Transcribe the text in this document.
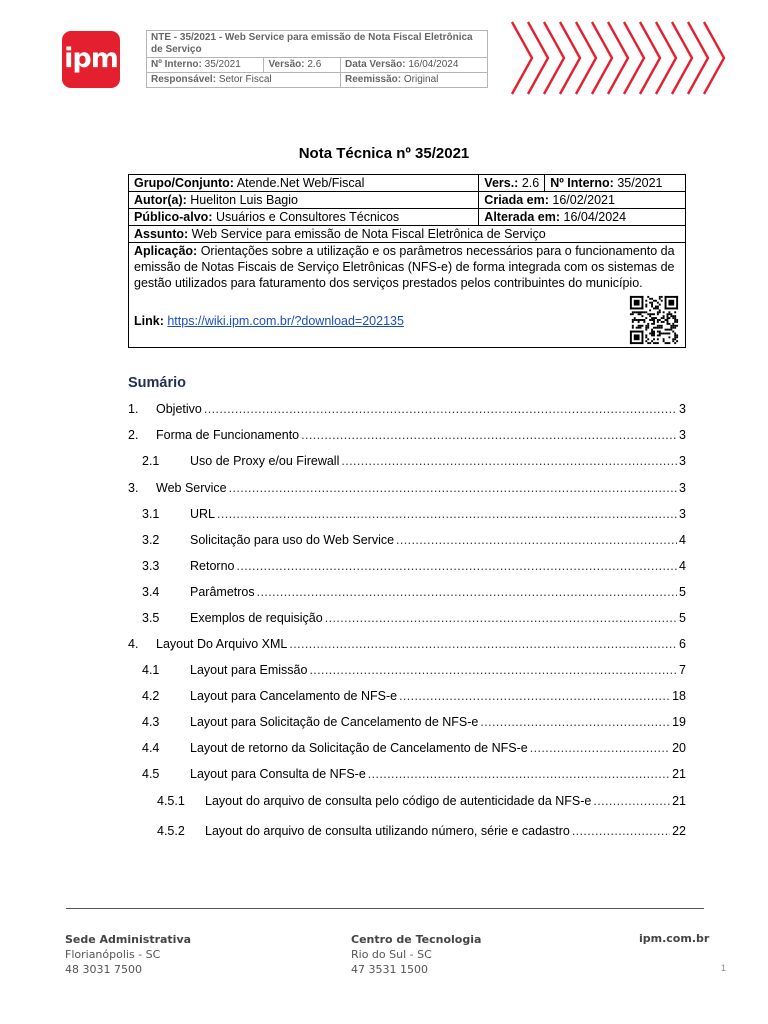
ipm
NTE - 35/2021 - Web Service para emissão de Nota Fiscal Eletrônica de Serviço		
Nº Interno: 35/2021	Versão: 2.6	Data Versão: 16/04/2024
Responsável: Setor Fiscal		Reemissão: Original
Nota Técnica nº 35/2021
Grupo/Conjunto: Atende.Net Web/Fiscal	Vers.: 2.6	Nº Interno: 35/2021
Autor(a): Hueliton Luis Bagio	Criada em: 16/02/2021	
Público-alvo: Usuários e Consultores Técnicos	Alterada em: 16/04/2024	
Assunto: Web Service para emissão de Nota Fiscal Eletrônica de Serviço		
Aplicação: Orientações sobre a utilização e os parâmetros necessários para o funcionamento da emissão de Notas Fiscais de Serviço Eletrônicas (NFS-e) de forma integrada com os sistemas de gestão utilizados para faturamento dos serviços prestados pelos contribuintes do município.		

Link: https://wiki.ipm.com.br/?download=202135		
Sumário
1.	Objetivo .....	3
2.	Forma de Funcionamento .....	3
2.1	Uso de Proxy e/ou Firewall .....	3
3.	Web Service .....	3
3.1	URL .....	3
3.2	Solicitação para uso do Web Service .....	4
3.3	Retorno .....	4
3.4	Parâmetros .....	5
3.5	Exemplos de requisição .....	5
4.	Layout Do Arquivo XML .....	6
4.1	Layout para Emissão .....	7
4.2	Layout para Cancelamento de NFS-e .....	18
4.3	Layout para Solicitação de Cancelamento de NFS-e .....	19
4.4	Layout de retorno da Solicitação de Cancelamento de NFS-e .....	20
4.5	Layout para Consulta de NFS-e .....	21
4.5.1	Layout do arquivo de consulta pelo código de autenticidade da NFS-e .....	21
4.5.2	Layout do arquivo de consulta utilizando número, série e cadastro .....	22
Sede Administrativa
Florianópolis - SC
48 3031 7500
Centro de Tecnologia
Rio do Sul - SC
47 3531 1500
ipm.com.br
1
